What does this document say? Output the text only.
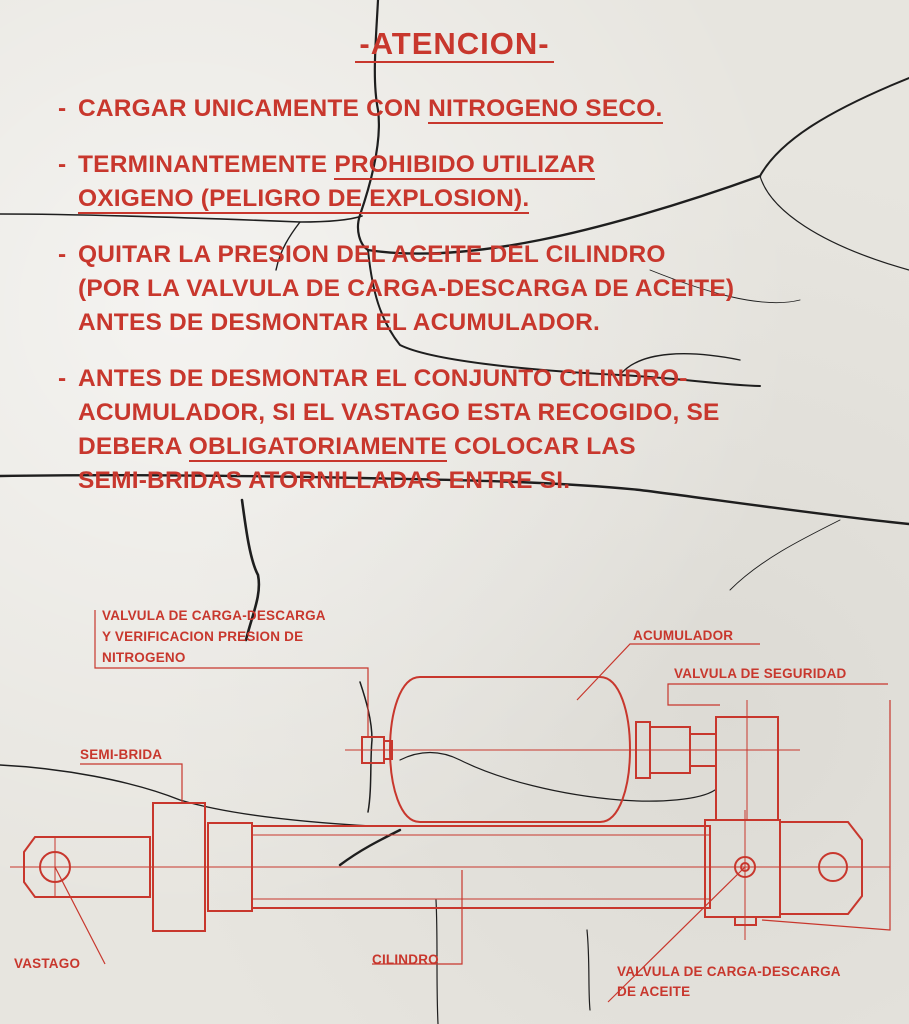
-ATENCION-
- CARGAR UNICAMENTE CON NITROGENO SECO.
- TERMINANTEMENTE PROHIBIDO UTILIZAR
OXIGENO (PELIGRO DE EXPLOSION).
- QUITAR LA PRESION DEL ACEITE DEL CILINDRO
(POR LA VALVULA DE CARGA-DESCARGA DE ACEITE)
ANTES DE DESMONTAR EL ACUMULADOR.
- ANTES DE DESMONTAR EL CONJUNTO CILINDRO-
ACUMULADOR, SI EL VASTAGO ESTA RECOGIDO, SE
DEBERA OBLIGATORIAMENTE COLOCAR LAS
SEMI-BRIDAS ATORNILLADAS ENTRE SI.
VALVULA DE CARGA-DESCARGA
Y VERIFICACION PRESION DE
NITROGENO
ACUMULADOR
VALVULA DE SEGURIDAD
SEMI-BRIDA
VASTAGO	CILINDRO
VALVULA DE CARGA-DESCARGA
DE ACEITE
